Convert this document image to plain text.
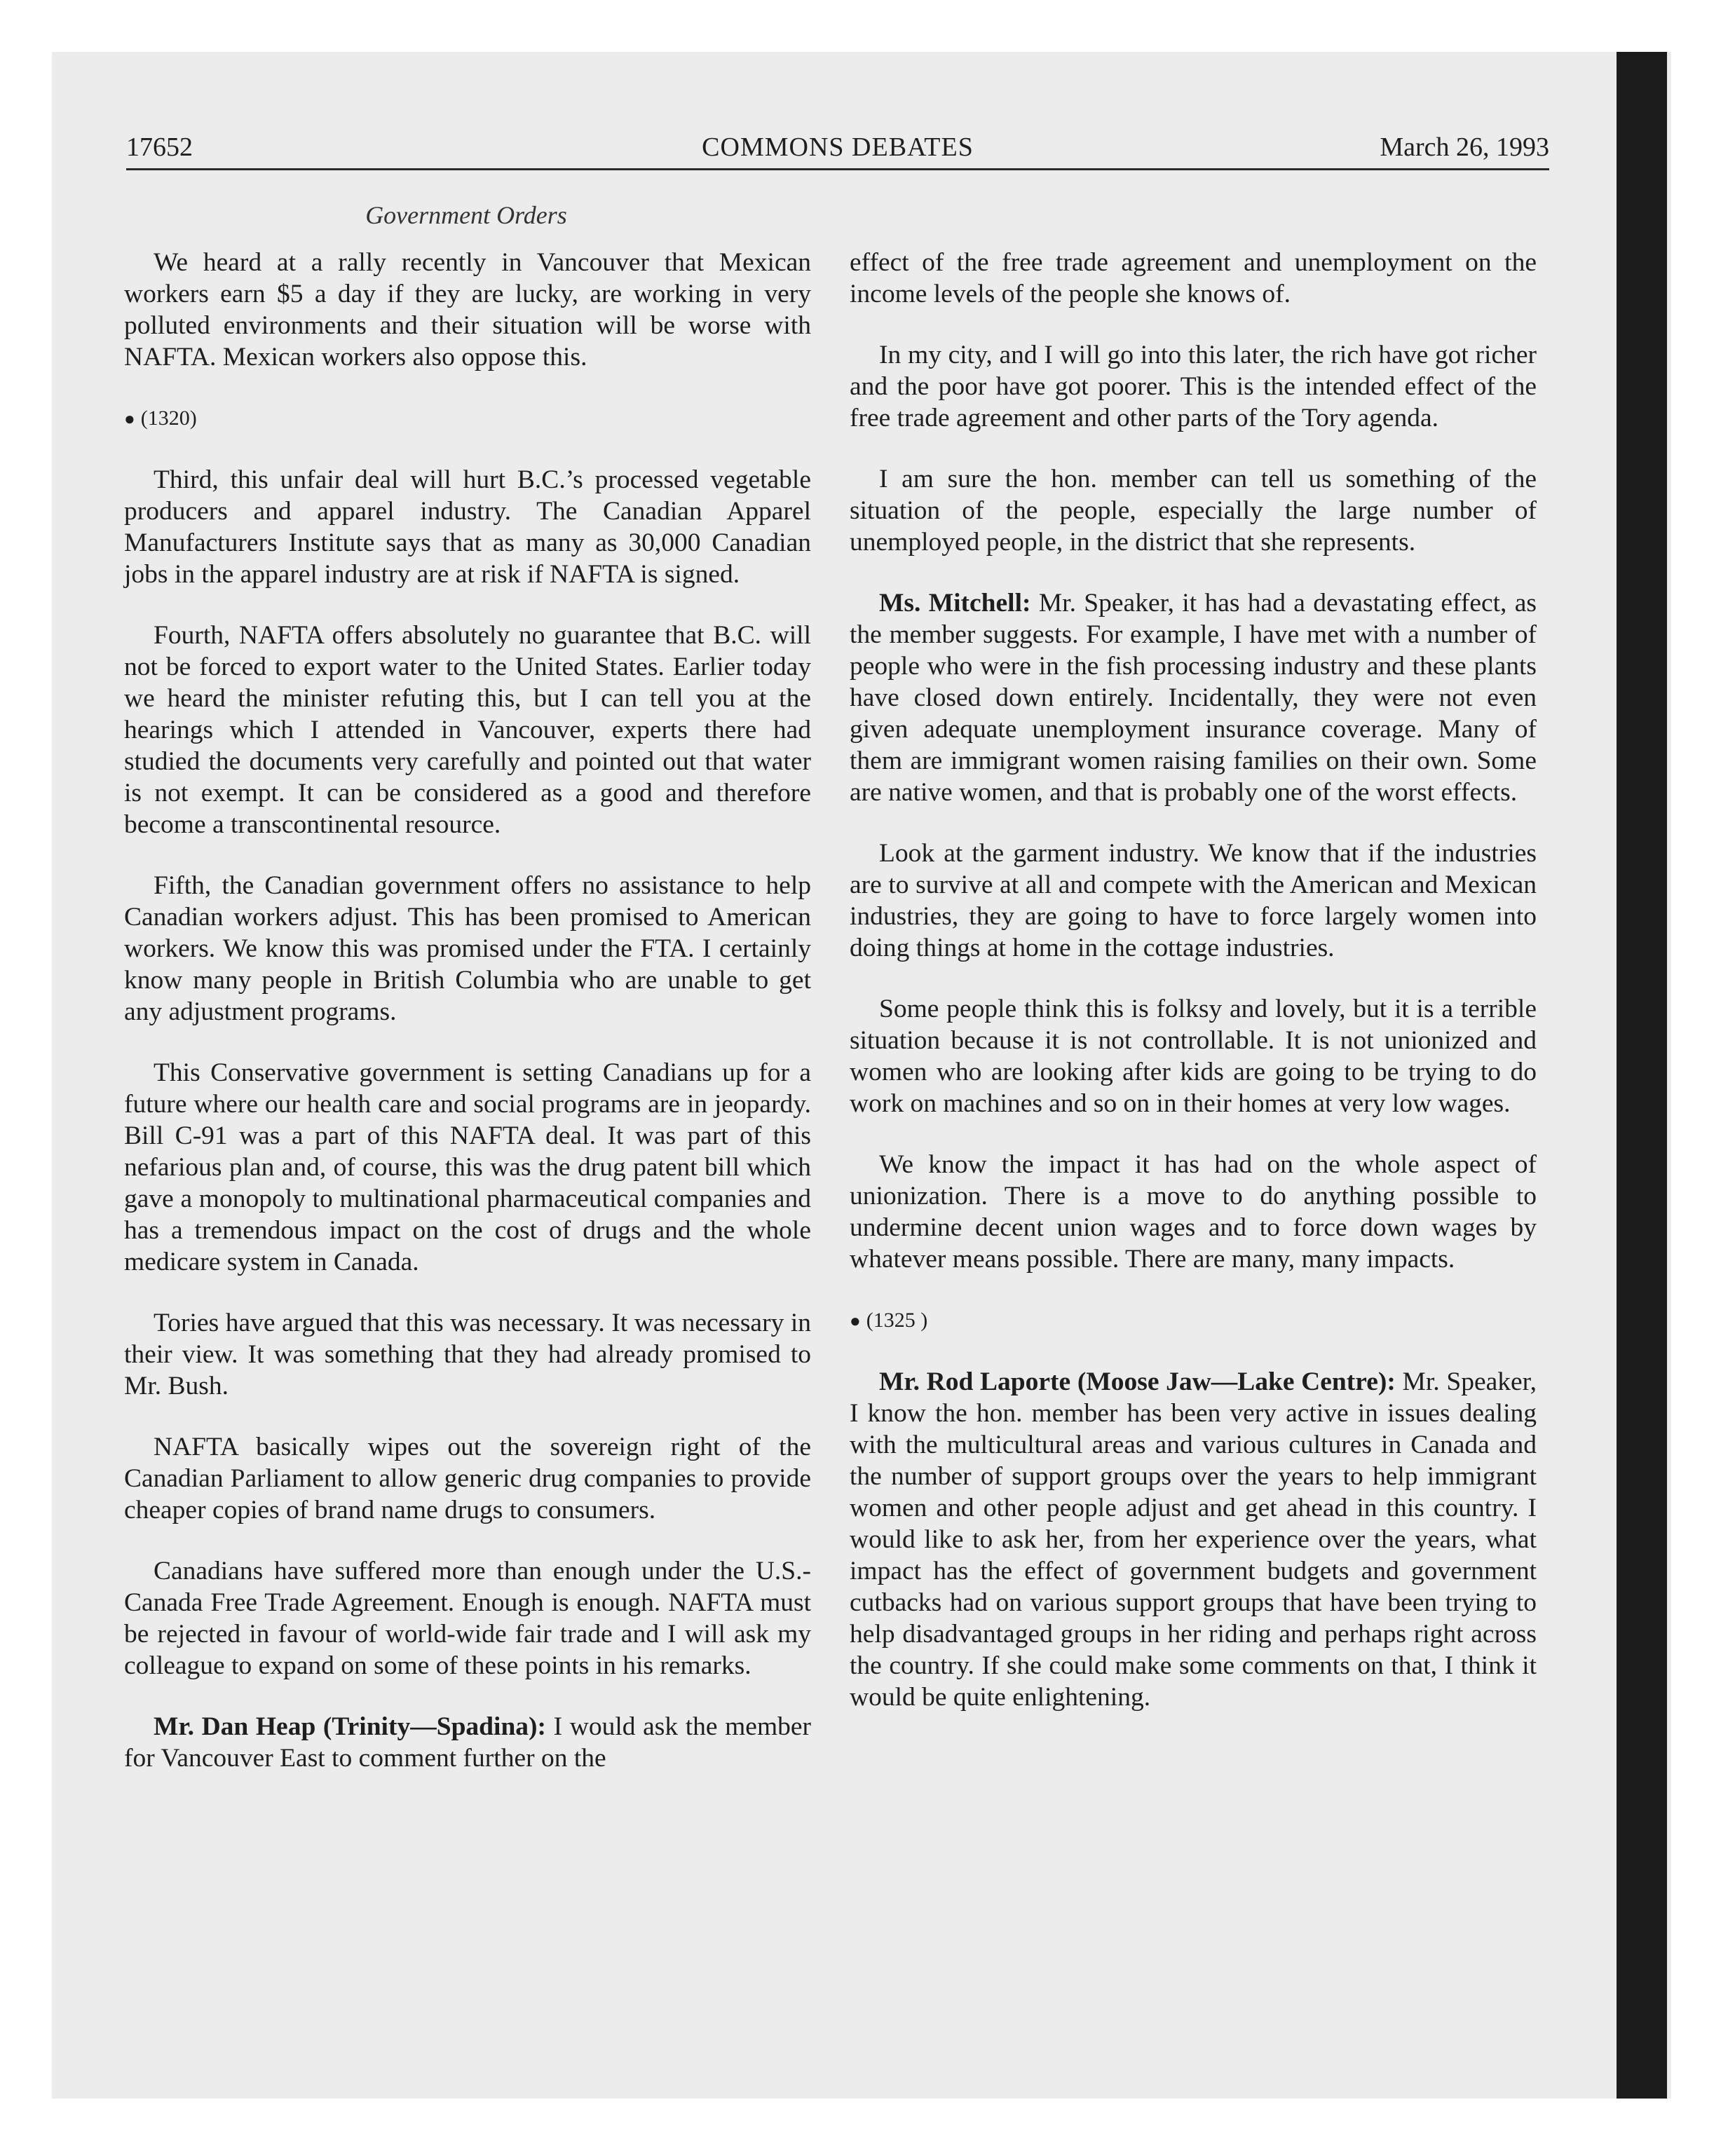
17652	COMMONS DEBATES	March 26, 1993
Government Orders

We heard at a rally recently in Vancouver that Mexican workers earn $5 a day if they are lucky, are working in very polluted environments and their situation will be worse with NAFTA. Mexican workers also oppose this.

● (1320)

Third, this unfair deal will hurt B.C.’s processed vegetable producers and apparel industry. The Canadian Apparel Manufacturers Institute says that as many as 30,000 Canadian jobs in the apparel industry are at risk if NAFTA is signed.

Fourth, NAFTA offers absolutely no guarantee that B.C. will not be forced to export water to the United States. Earlier today we heard the minister refuting this, but I can tell you at the hearings which I attended in Vancouver, experts there had studied the documents very carefully and pointed out that water is not exempt. It can be considered as a good and therefore become a transcontinental resource.

Fifth, the Canadian government offers no assistance to help Canadian workers adjust. This has been promised to American workers. We know this was promised under the FTA. I certainly know many people in British Columbia who are unable to get any adjustment programs.

This Conservative government is setting Canadians up for a future where our health care and social programs are in jeopardy. Bill C-91 was a part of this NAFTA deal. It was part of this nefarious plan and, of course, this was the drug patent bill which gave a monopoly to multinational pharmaceutical companies and has a tremendous impact on the cost of drugs and the whole medicare system in Canada.

Tories have argued that this was necessary. It was necessary in their view. It was something that they had already promised to Mr. Bush.

NAFTA basically wipes out the sovereign right of the Canadian Parliament to allow generic drug companies to provide cheaper copies of brand name drugs to consumers.

Canadians have suffered more than enough under the U.S.-Canada Free Trade Agreement. Enough is enough. NAFTA must be rejected in favour of world-wide fair trade and I will ask my colleague to expand on some of these points in his remarks.

Mr. Dan Heap (Trinity—Spadina): I would ask the member for Vancouver East to comment further on the

effect of the free trade agreement and unemployment on the income levels of the people she knows of.

In my city, and I will go into this later, the rich have got richer and the poor have got poorer. This is the intended effect of the free trade agreement and other parts of the Tory agenda.

I am sure the hon. member can tell us something of the situation of the people, especially the large number of unemployed people, in the district that she represents.

Ms. Mitchell: Mr. Speaker, it has had a devastating effect, as the member suggests. For example, I have met with a number of people who were in the fish processing industry and these plants have closed down entirely. Incidentally, they were not even given adequate unemployment insurance coverage. Many of them are immigrant women raising families on their own. Some are native women, and that is probably one of the worst effects.

Look at the garment industry. We know that if the industries are to survive at all and compete with the American and Mexican industries, they are going to have to force largely women into doing things at home in the cottage industries.

Some people think this is folksy and lovely, but it is a terrible situation because it is not controllable. It is not unionized and women who are looking after kids are going to be trying to do work on machines and so on in their homes at very low wages.

We know the impact it has had on the whole aspect of unionization. There is a move to do anything possible to undermine decent union wages and to force down wages by whatever means possible. There are many, many impacts.

● (1325 )

Mr. Rod Laporte (Moose Jaw—Lake Centre): Mr. Speaker, I know the hon. member has been very active in issues dealing with the multicultural areas and various cultures in Canada and the number of support groups over the years to help immigrant women and other people adjust and get ahead in this country. I would like to ask her, from her experience over the years, what impact has the effect of government budgets and government cutbacks had on various support groups that have been trying to help disadvantaged groups in her riding and perhaps right across the country. If she could make some comments on that, I think it would be quite enlightening.
